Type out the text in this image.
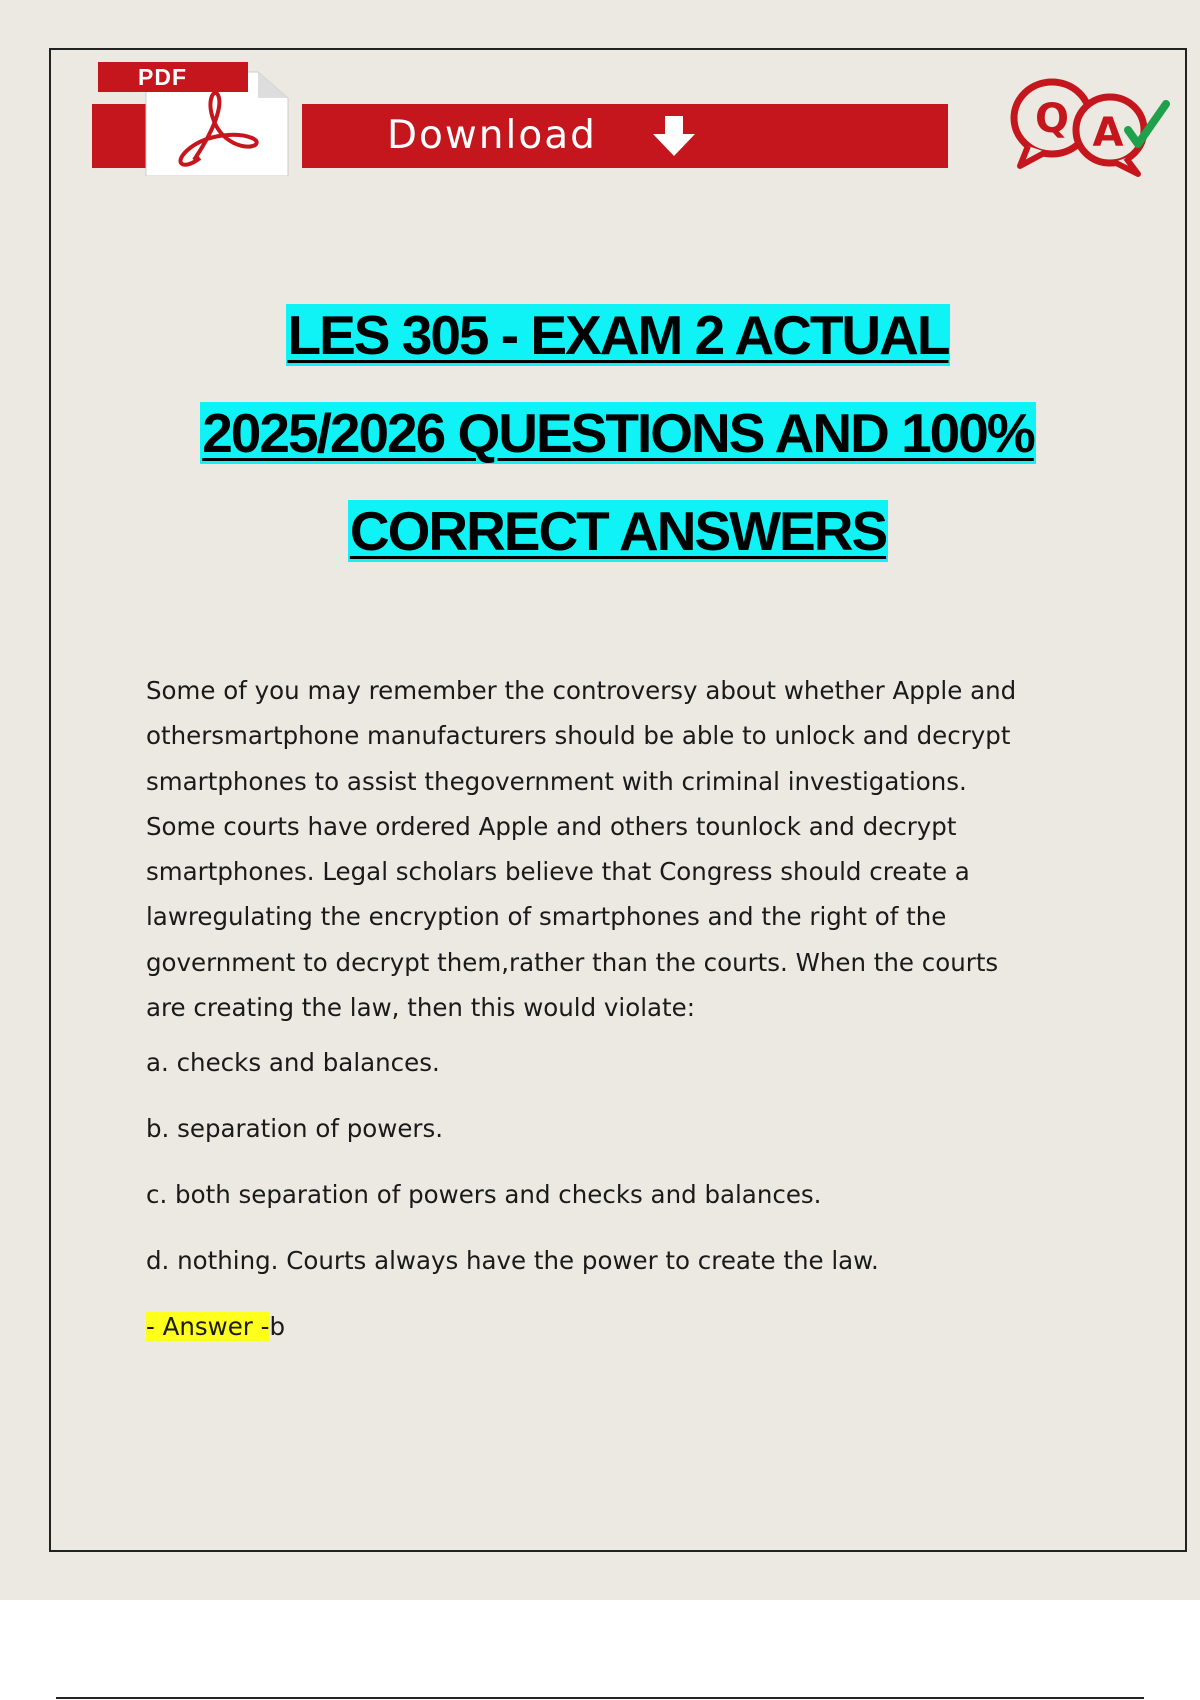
PDF
Download	Q A
LES 305 - EXAM 2 ACTUAL
2025/2026 QUESTIONS AND 100%
CORRECT ANSWERS
Some of you may remember the controversy about whether Apple and
othersmartphone manufacturers should be able to unlock and decrypt
smartphones to assist thegovernment with criminal investigations.
Some courts have ordered Apple and others tounlock and decrypt
smartphones. Legal scholars believe that Congress should create a
lawregulating the encryption of smartphones and the right of the
government to decrypt them,rather than the courts. When the courts
are creating the law, then this would violate:
a. checks and balances.
b. separation of powers.
c. both separation of powers and checks and balances.
d. nothing. Courts always have the power to create the law.
- Answer -b
